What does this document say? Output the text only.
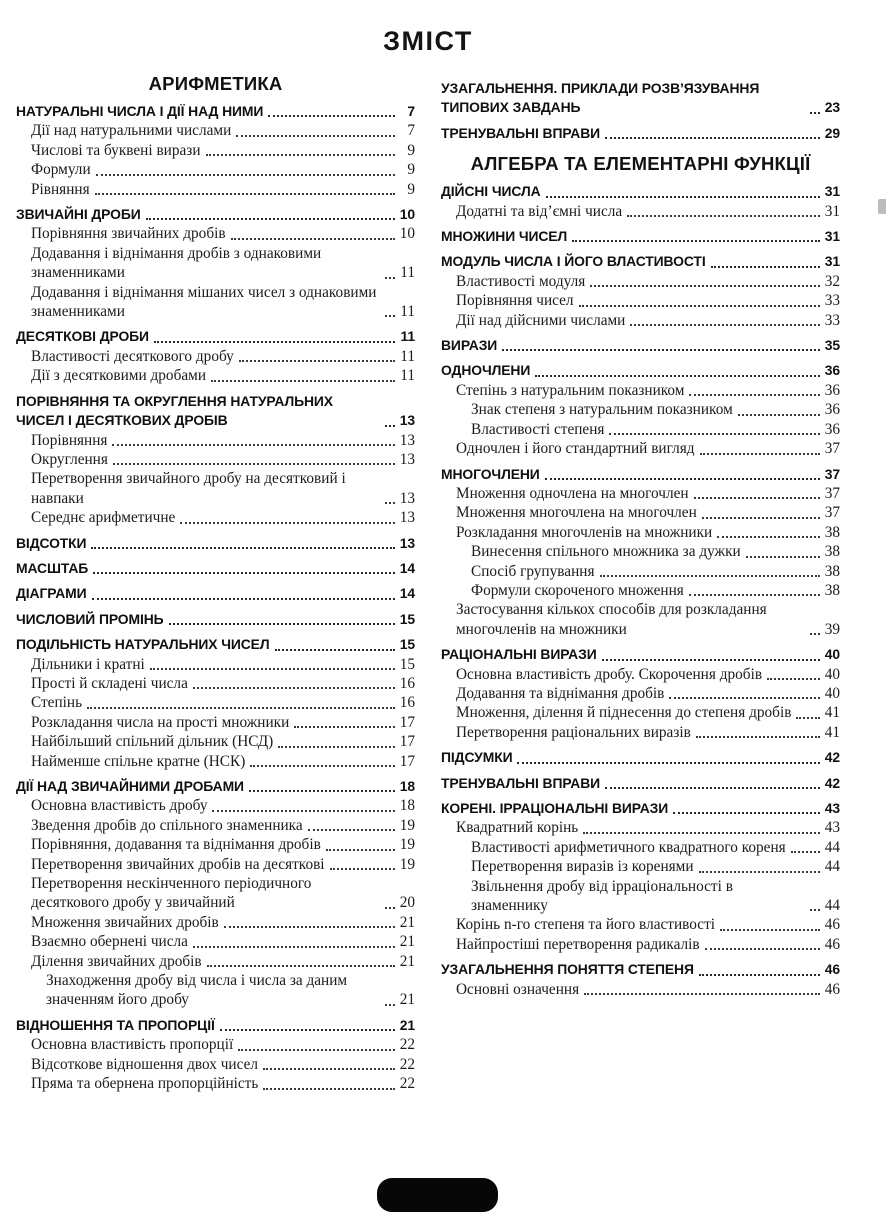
ЗМІСТ
АРИФМЕТИКА
НАТУРАЛЬНІ ЧИСЛА І ДІЇ НАД НИМИ	7
Дії над натуральними числами	7
Числові та буквені вирази	9
Формули	9
Рівняння	9
ЗВИЧАЙНІ ДРОБИ	10
Порівняння звичайних дробів	10
Додавання і віднімання дробів з однаковими знаменниками	11
Додавання і віднімання мішаних чисел з однаковими знаменниками	11
ДЕСЯТКОВІ ДРОБИ	11
Властивості десяткового дробу	11
Дії з десятковими дробами	11
ПОРІВНЯННЯ ТА ОКРУГЛЕННЯ НАТУРАЛЬНИХ ЧИСЕЛ І ДЕСЯТКОВИХ ДРОБІВ	13
Порівняння	13
Округлення	13
Перетворення звичайного дробу на десятковий і навпаки	13
Середнє арифметичне	13
ВІДСОТКИ	13
МАСШТАБ	14
ДІАГРАМИ	14
ЧИСЛОВИЙ ПРОМІНЬ	15
ПОДІЛЬНІСТЬ НАТУРАЛЬНИХ ЧИСЕЛ	15
Дільники і кратні	15
Прості й складені числа	16
Степінь	16
Розкладання числа на прості множники	17
Найбільший спільний дільник (НСД)	17
Найменше спільне кратне (НСК)	17
ДІЇ НАД ЗВИЧАЙНИМИ ДРОБАМИ	18
Основна властивість дробу	18
Зведення дробів до спільного знаменника	19
Порівняння, додавання та віднімання дробів	19
Перетворення звичайних дробів на десяткові	19
Перетворення нескінченного періодичного десяткового дробу у звичайний	20
Множення звичайних дробів	21
Взаємно обернені числа	21
Ділення звичайних дробів	21
Знаходження дробу від числа і числа за даним значенням його дробу	21
ВІДНОШЕННЯ ТА ПРОПОРЦІЇ	21
Основна властивість пропорції	22
Відсоткове відношення двох чисел	22
Пряма та обернена пропорційність	22
УЗАГАЛЬНЕННЯ. ПРИКЛАДИ РОЗВ’ЯЗУВАННЯ ТИПОВИХ ЗАВДАНЬ	23
ТРЕНУВАЛЬНІ ВПРАВИ	29
АЛГЕБРА ТА ЕЛЕМЕНТАРНІ ФУНКЦІЇ
ДІЙСНІ ЧИСЛА	31
Додатні та від’ємні числа	31
МНОЖИНИ ЧИСЕЛ	31
МОДУЛЬ ЧИСЛА І ЙОГО ВЛАСТИВОСТІ	31
Властивості модуля	32
Порівняння чисел	33
Дії над дійсними числами	33
ВИРАЗИ	35
ОДНОЧЛЕНИ	36
Степінь з натуральним показником	36
Знак степеня з натуральним показником	36
Властивості степеня	36
Одночлен і його стандартний вигляд	37
МНОГОЧЛЕНИ	37
Множення одночлена на многочлен	37
Множення многочлена на многочлен	37
Розкладання многочленів на множники	38
Винесення спільного множника за дужки	38
Спосіб групування	38
Формули скороченого множення	38
Застосування кількох способів для розкладання многочленів на множники	39
РАЦІОНАЛЬНІ ВИРАЗИ	40
Основна властивість дробу. Скорочення дробів	40
Додавання та віднімання дробів	40
Множення, ділення й піднесення до степеня дробів 41
Перетворення раціональних виразів	41
ПІДСУМКИ	42
ТРЕНУВАЛЬНІ ВПРАВИ	42
КОРЕНІ. ІРРАЦІОНАЛЬНІ ВИРАЗИ	43
Квадратний корінь	43
Властивості арифметичного квадратного кореня	44
Перетворення виразів із коренями	44
Звільнення дробу від ірраціональності в знаменнику	44
Корінь n-го степеня та його властивості	46
Найпростіші перетворення радикалів	46
УЗАГАЛЬНЕННЯ ПОНЯТТЯ СТЕПЕНЯ	46
Основні означення	46
